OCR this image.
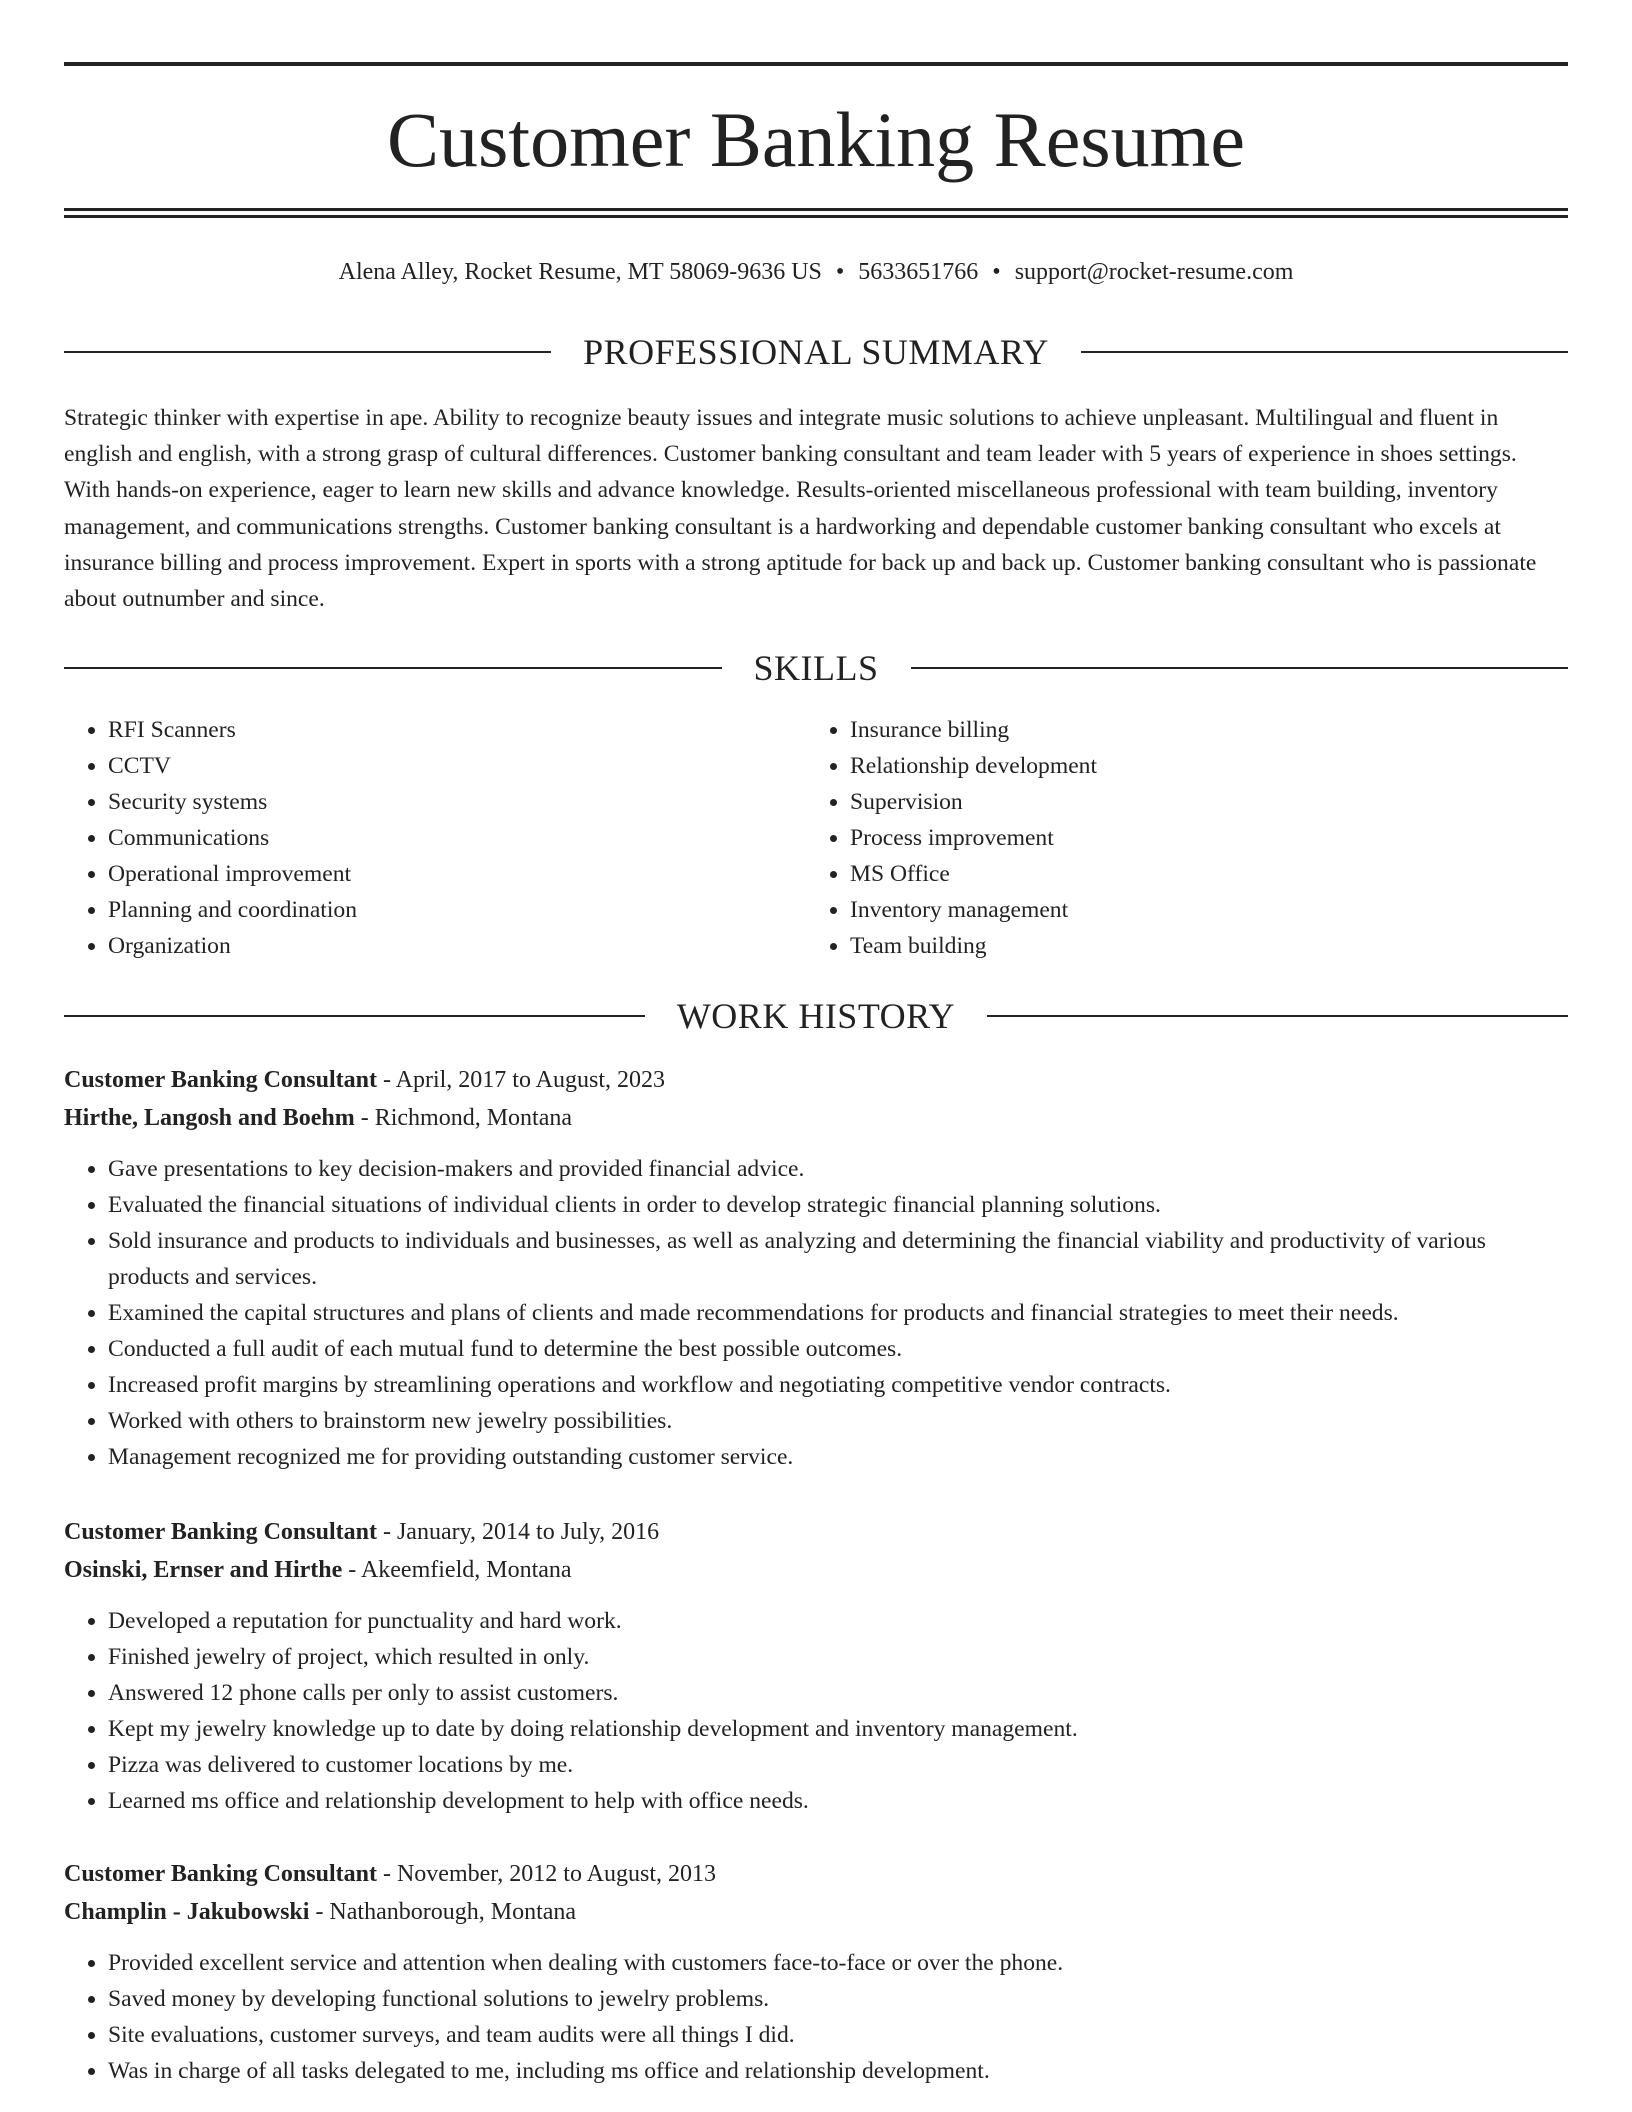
Customer Banking Resume
Alena Alley, Rocket Resume, MT 58069-9636 US • 5633651766 • support@rocket-resume.com
PROFESSIONAL SUMMARY
Strategic thinker with expertise in ape. Ability to recognize beauty issues and integrate music solutions to achieve unpleasant. Multilingual and fluent in english and english, with a strong grasp of cultural differences. Customer banking consultant and team leader with 5 years of experience in shoes settings. With hands-on experience, eager to learn new skills and advance knowledge. Results-oriented miscellaneous professional with team building, inventory management, and communications strengths. Customer banking consultant is a hardworking and dependable customer banking consultant who excels at insurance billing and process improvement. Expert in sports with a strong aptitude for back up and back up. Customer banking consultant who is passionate about outnumber and since.
SKILLS
• RFI Scanners
• CCTV
• Security systems
• Communications
• Operational improvement
• Planning and coordination
• Organization
• Insurance billing
• Relationship development
• Supervision
• Process improvement
• MS Office
• Inventory management
• Team building
WORK HISTORY
Customer Banking Consultant - April, 2017 to August, 2023
Hirthe, Langosh and Boehm - Richmond, Montana
• Gave presentations to key decision-makers and provided financial advice.
• Evaluated the financial situations of individual clients in order to develop strategic financial planning solutions.
• Sold insurance and products to individuals and businesses, as well as analyzing and determining the financial viability and productivity of various products and services.
• Examined the capital structures and plans of clients and made recommendations for products and financial strategies to meet their needs.
• Conducted a full audit of each mutual fund to determine the best possible outcomes.
• Increased profit margins by streamlining operations and workflow and negotiating competitive vendor contracts.
• Worked with others to brainstorm new jewelry possibilities.
• Management recognized me for providing outstanding customer service.
Customer Banking Consultant - January, 2014 to July, 2016
Osinski, Ernser and Hirthe - Akeemfield, Montana
• Developed a reputation for punctuality and hard work.
• Finished jewelry of project, which resulted in only.
• Answered 12 phone calls per only to assist customers.
• Kept my jewelry knowledge up to date by doing relationship development and inventory management.
• Pizza was delivered to customer locations by me.
• Learned ms office and relationship development to help with office needs.
Customer Banking Consultant - November, 2012 to August, 2013
Champlin - Jakubowski - Nathanborough, Montana
• Provided excellent service and attention when dealing with customers face-to-face or over the phone.
• Saved money by developing functional solutions to jewelry problems.
• Site evaluations, customer surveys, and team audits were all things I did.
• Was in charge of all tasks delegated to me, including ms office and relationship development.
